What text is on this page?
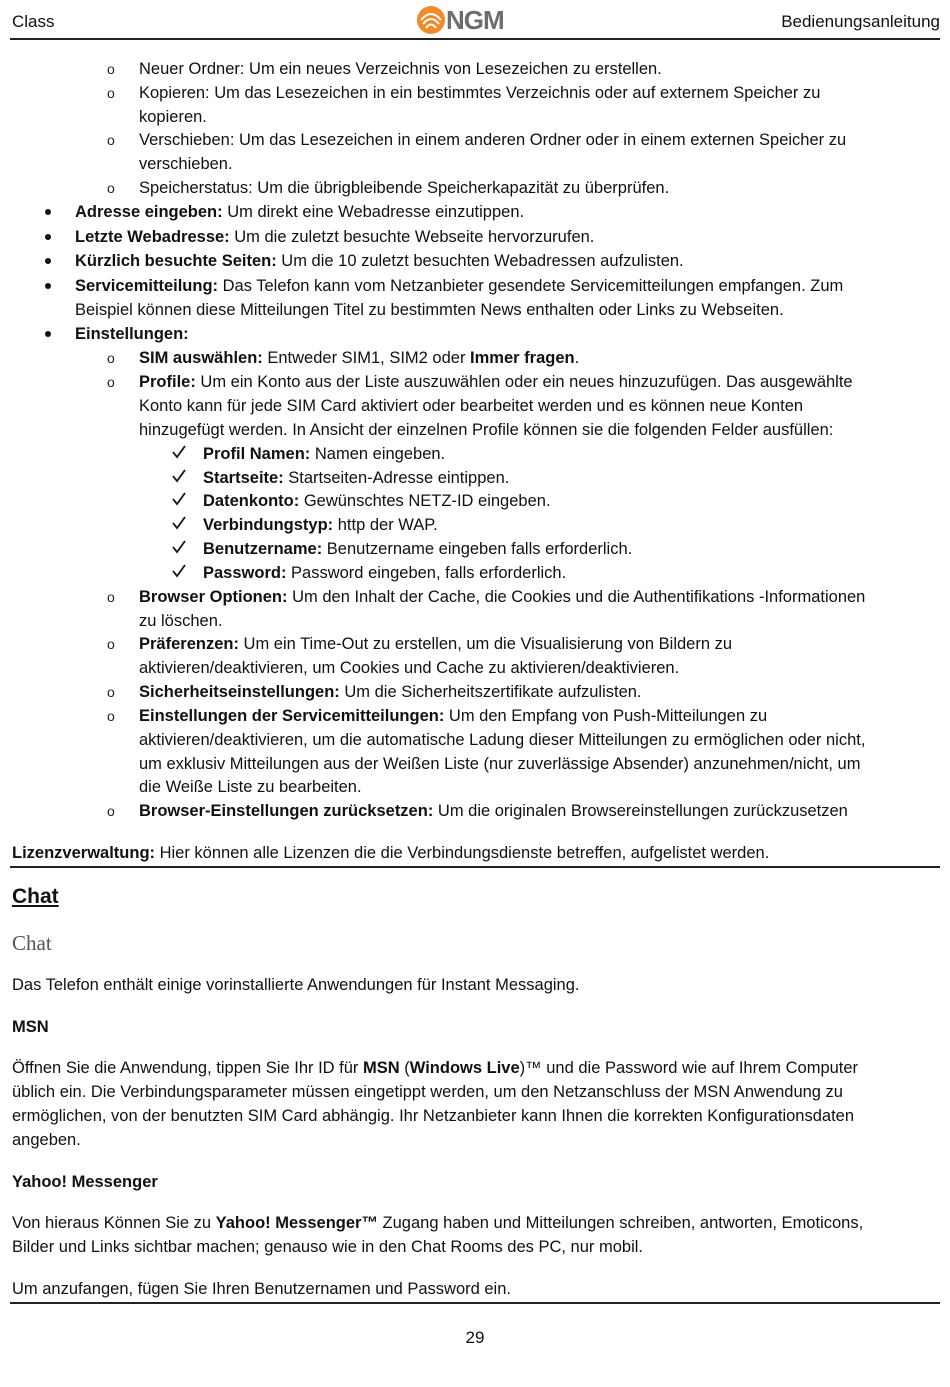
Class	NGM	Bedienungsanleitung
o Neuer Ordner: Um ein neues Verzeichnis von Lesezeichen zu erstellen.
o Kopieren: Um das Lesezeichen in ein bestimmtes Verzeichnis oder auf externem Speicher zu
kopieren.
o Verschieben: Um das Lesezeichen in einem anderen Ordner oder in einem externen Speicher zu
verschieben.
o Speicherstatus: Um die übrigbleibende Speicherkapazität zu überprüfen.
Adresse eingeben: Um direkt eine Webadresse einzutippen.
Letzte Webadresse: Um die zuletzt besuchte Webseite hervorzurufen.
Kürzlich besuchte Seiten: Um die 10 zuletzt besuchten Webadressen aufzulisten.
Servicemitteilung: Das Telefon kann vom Netzanbieter gesendete Servicemitteilungen empfangen. Zum
Beispiel können diese Mitteilungen Titel zu bestimmten News enthalten oder Links zu Webseiten.
Einstellungen:
o SIM auswählen: Entweder SIM1, SIM2 oder Immer fragen.
o Profile: Um ein Konto aus der Liste auszuwählen oder ein neues hinzuzufügen. Das ausgewählte
Konto kann für jede SIM Card aktiviert oder bearbeitet werden und es können neue Konten
hinzugefügt werden. In Ansicht der einzelnen Profile können sie die folgenden Felder ausfüllen:
Profil Namen: Namen eingeben.
Startseite: Startseiten-Adresse eintippen.
Datenkonto: Gewünschtes NETZ-ID eingeben.
Verbindungstyp: http der WAP.
Benutzername: Benutzername eingeben falls erforderlich.
Password: Password eingeben, falls erforderlich.
o Browser Optionen: Um den Inhalt der Cache, die Cookies und die Authentifikations -Informationen
zu löschen.
o Präferenzen: Um ein Time-Out zu erstellen, um die Visualisierung von Bildern zu
aktivieren/deaktivieren, um Cookies und Cache zu aktivieren/deaktivieren.
o Sicherheitseinstellungen: Um die Sicherheitszertifikate aufzulisten.
o Einstellungen der Servicemitteilungen: Um den Empfang von Push-Mitteilungen zu
aktivieren/deaktivieren, um die automatische Ladung dieser Mitteilungen zu ermöglichen oder nicht,
um exklusiv Mitteilungen aus der Weißen Liste (nur zuverlässige Absender) anzunehmen/nicht, um
die Weiße Liste zu bearbeiten.
o Browser-Einstellungen zurücksetzen: Um die originalen Browsereinstellungen zurückzusetzen
Lizenzverwaltung: Hier können alle Lizenzen die die Verbindungsdienste betreffen, aufgelistet werden.
Chat
Chat
Das Telefon enthält einige vorinstallierte Anwendungen für Instant Messaging.
MSN
Öffnen Sie die Anwendung, tippen Sie Ihr ID für MSN (Windows Live)™ und die Password wie auf Ihrem Computer
üblich ein. Die Verbindungsparameter müssen eingetippt werden, um den Netzanschluss der MSN Anwendung zu
ermöglichen, von der benutzten SIM Card abhängig. Ihr Netzanbieter kann Ihnen die korrekten Konfigurationsdaten
angeben.
Yahoo! Messenger
Von hieraus Können Sie zu Yahoo! Messenger™ Zugang haben und Mitteilungen schreiben, antworten, Emoticons,
Bilder und Links sichtbar machen; genauso wie in den Chat Rooms des PC, nur mobil.
Um anzufangen, fügen Sie Ihren Benutzernamen und Password ein.
29
